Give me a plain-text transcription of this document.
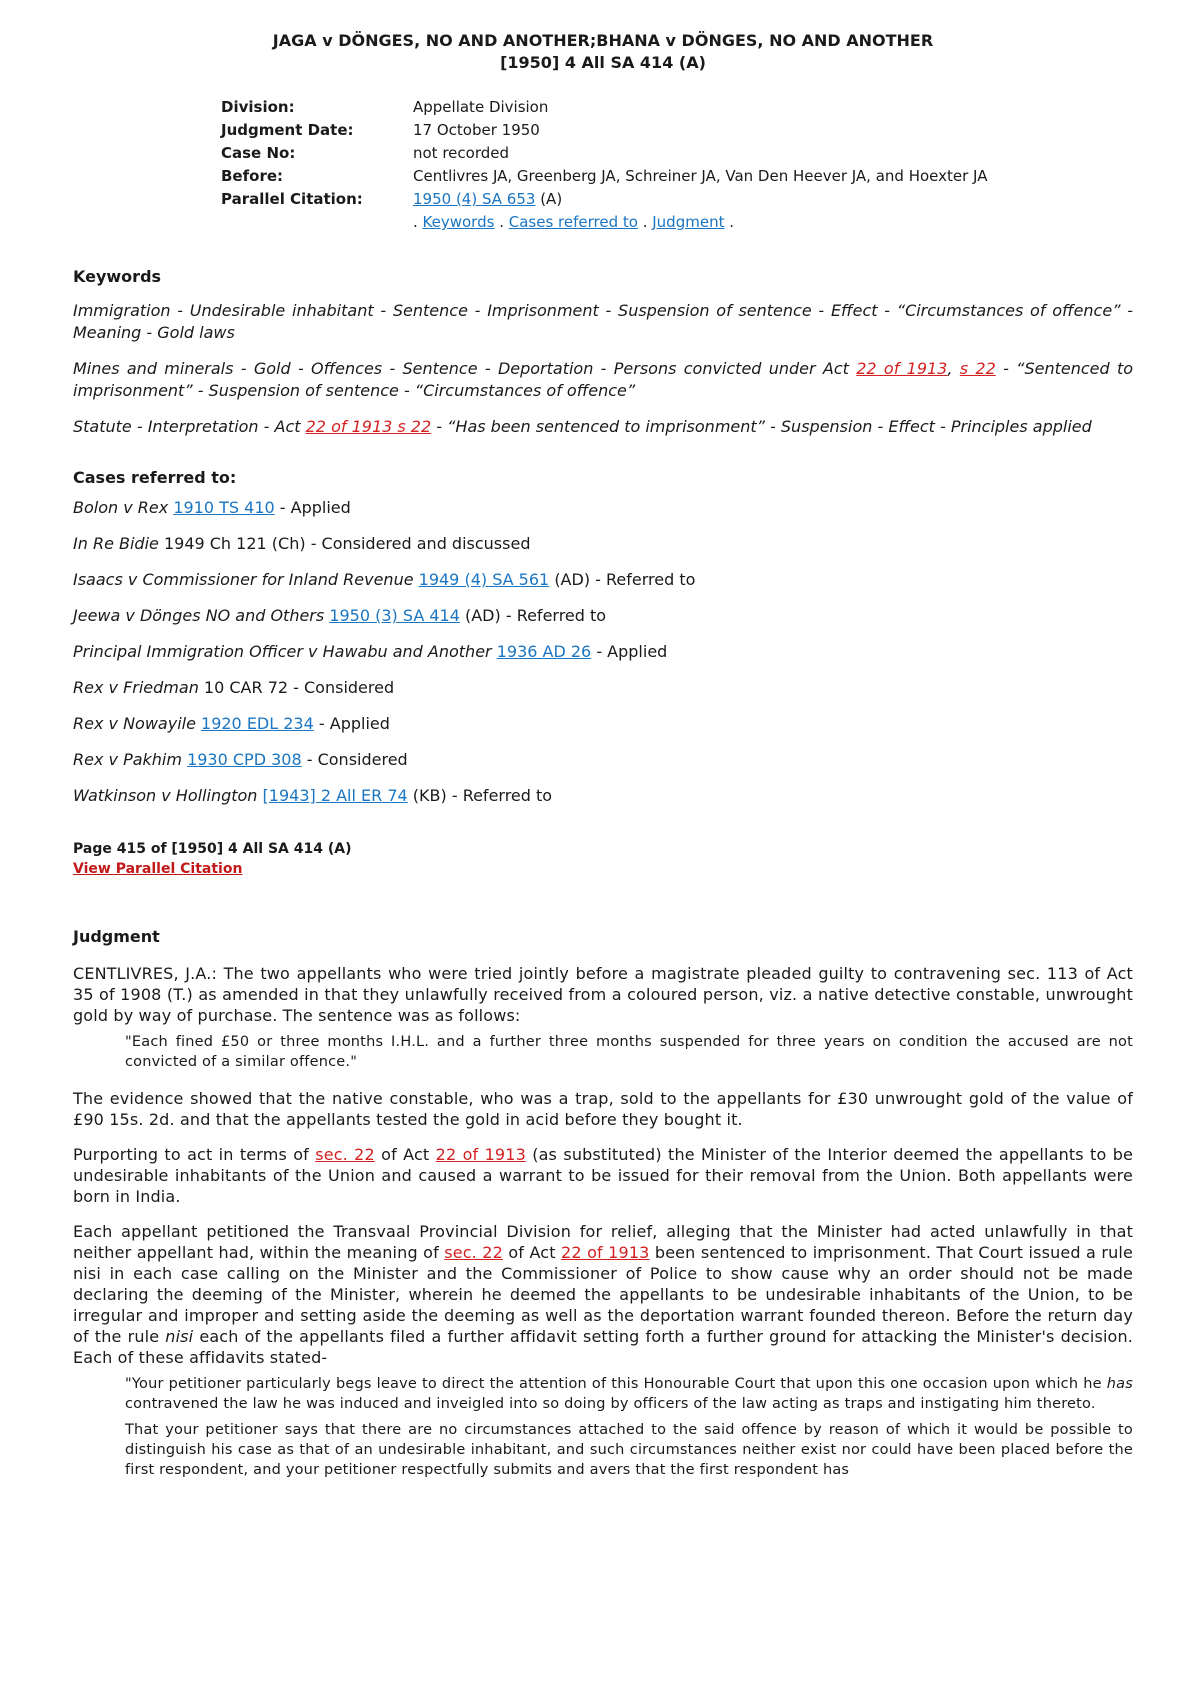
JAGA v DÖNGES, NO AND ANOTHER;BHANA v DÖNGES, NO AND ANOTHER
[1950] 4 All SA 414 (A)
Division:	Appellate Division
Judgment Date:	17 October 1950
Case No:	not recorded
Before:	Centlivres JA, Greenberg JA, Schreiner JA, Van Den Heever JA, and Hoexter JA
Parallel Citation:	1950 (4) SA 653 (A)
	. Keywords . Cases referred to . Judgment .
Keywords

Immigration - Undesirable inhabitant - Sentence - Imprisonment - Suspension of sentence - Effect - “Circumstances of offence” - Meaning - Gold laws

Mines and minerals - Gold - Offences - Sentence - Deportation - Persons convicted under Act 22 of 1913, s 22 - “Sentenced to imprisonment” - Suspension of sentence - “Circumstances of offence”

Statute - Interpretation - Act 22 of 1913 s 22 - “Has been sentenced to imprisonment” - Suspension - Effect - Principles applied

Cases referred to:

Bolon v Rex 1910 TS 410 - Applied

In Re Bidie 1949 Ch 121 (Ch) - Considered and discussed

Isaacs v Commissioner for Inland Revenue 1949 (4) SA 561 (AD) - Referred to

Jeewa v Dönges NO and Others 1950 (3) SA 414 (AD) - Referred to

Principal Immigration Officer v Hawabu and Another 1936 AD 26 - Applied

Rex v Friedman 10 CAR 72 - Considered

Rex v Nowayile 1920 EDL 234 - Applied

Rex v Pakhim 1930 CPD 308 - Considered

Watkinson v Hollington [1943] 2 All ER 74 (KB) - Referred to

Page 415 of [1950] 4 All SA 414 (A)
View Parallel Citation
Judgment

CENTLIVRES, J.A.: The two appellants who were tried jointly before a magistrate pleaded guilty to contravening sec. 113 of Act 35 of 1908 (T.) as amended in that they unlawfully received from a coloured person, viz. a native detective constable, unwrought gold by way of purchase. The sentence was as follows:

"Each fined £50 or three months I.H.L. and a further three months suspended for three years on condition the accused are not convicted of a similar offence."

The evidence showed that the native constable, who was a trap, sold to the appellants for £30 unwrought gold of the value of £90 15s. 2d. and that the appellants tested the gold in acid before they bought it.

Purporting to act in terms of sec. 22 of Act 22 of 1913 (as substituted) the Minister of the Interior deemed the appellants to be undesirable inhabitants of the Union and caused a warrant to be issued for their removal from the Union. Both appellants were born in India.

Each appellant petitioned the Transvaal Provincial Division for relief, alleging that the Minister had acted unlawfully in that neither appellant had, within the meaning of sec. 22 of Act 22 of 1913 been sentenced to imprisonment. That Court issued a rule nisi in each case calling on the Minister and the Commissioner of Police to show cause why an order should not be made declaring the deeming of the Minister, wherein he deemed the appellants to be undesirable inhabitants of the Union, to be irregular and improper and setting aside the deeming as well as the deportation warrant founded thereon. Before the return day of the rule nisi each of the appellants filed a further affidavit setting forth a further ground for attacking the Minister's decision. Each of these affidavits stated-

"Your petitioner particularly begs leave to direct the attention of this Honourable Court that upon this one occasion upon which he has contravened the law he was induced and inveigled into so doing by officers of the law acting as traps and instigating him thereto.

That your petitioner says that there are no circumstances attached to the said offence by reason of which it would be possible to distinguish his case as that of an undesirable inhabitant, and such circumstances neither exist nor could have been placed before the first respondent, and your petitioner respectfully submits and avers that the first respondent has
